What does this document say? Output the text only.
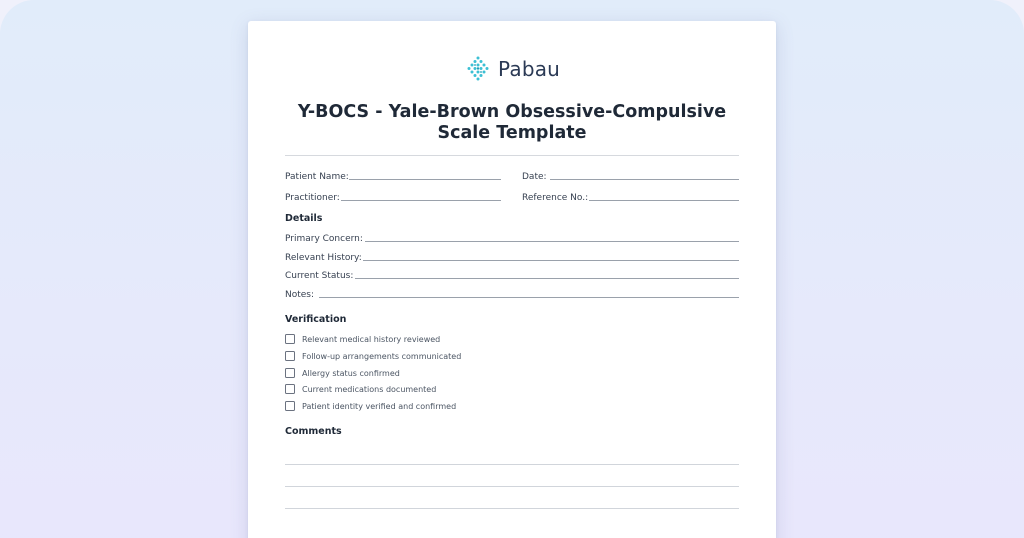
Pabau
Y-BOCS - Yale-Brown Obsessive-Compulsive Scale Template
Patient Name:	Date:
Practitioner:	Reference No.:
Details
Primary Concern:
Relevant History:
Current Status:
Notes:
Verification
Relevant medical history reviewed
Follow-up arrangements communicated
Allergy status confirmed
Current medications documented
Patient identity verified and confirmed
Comments
